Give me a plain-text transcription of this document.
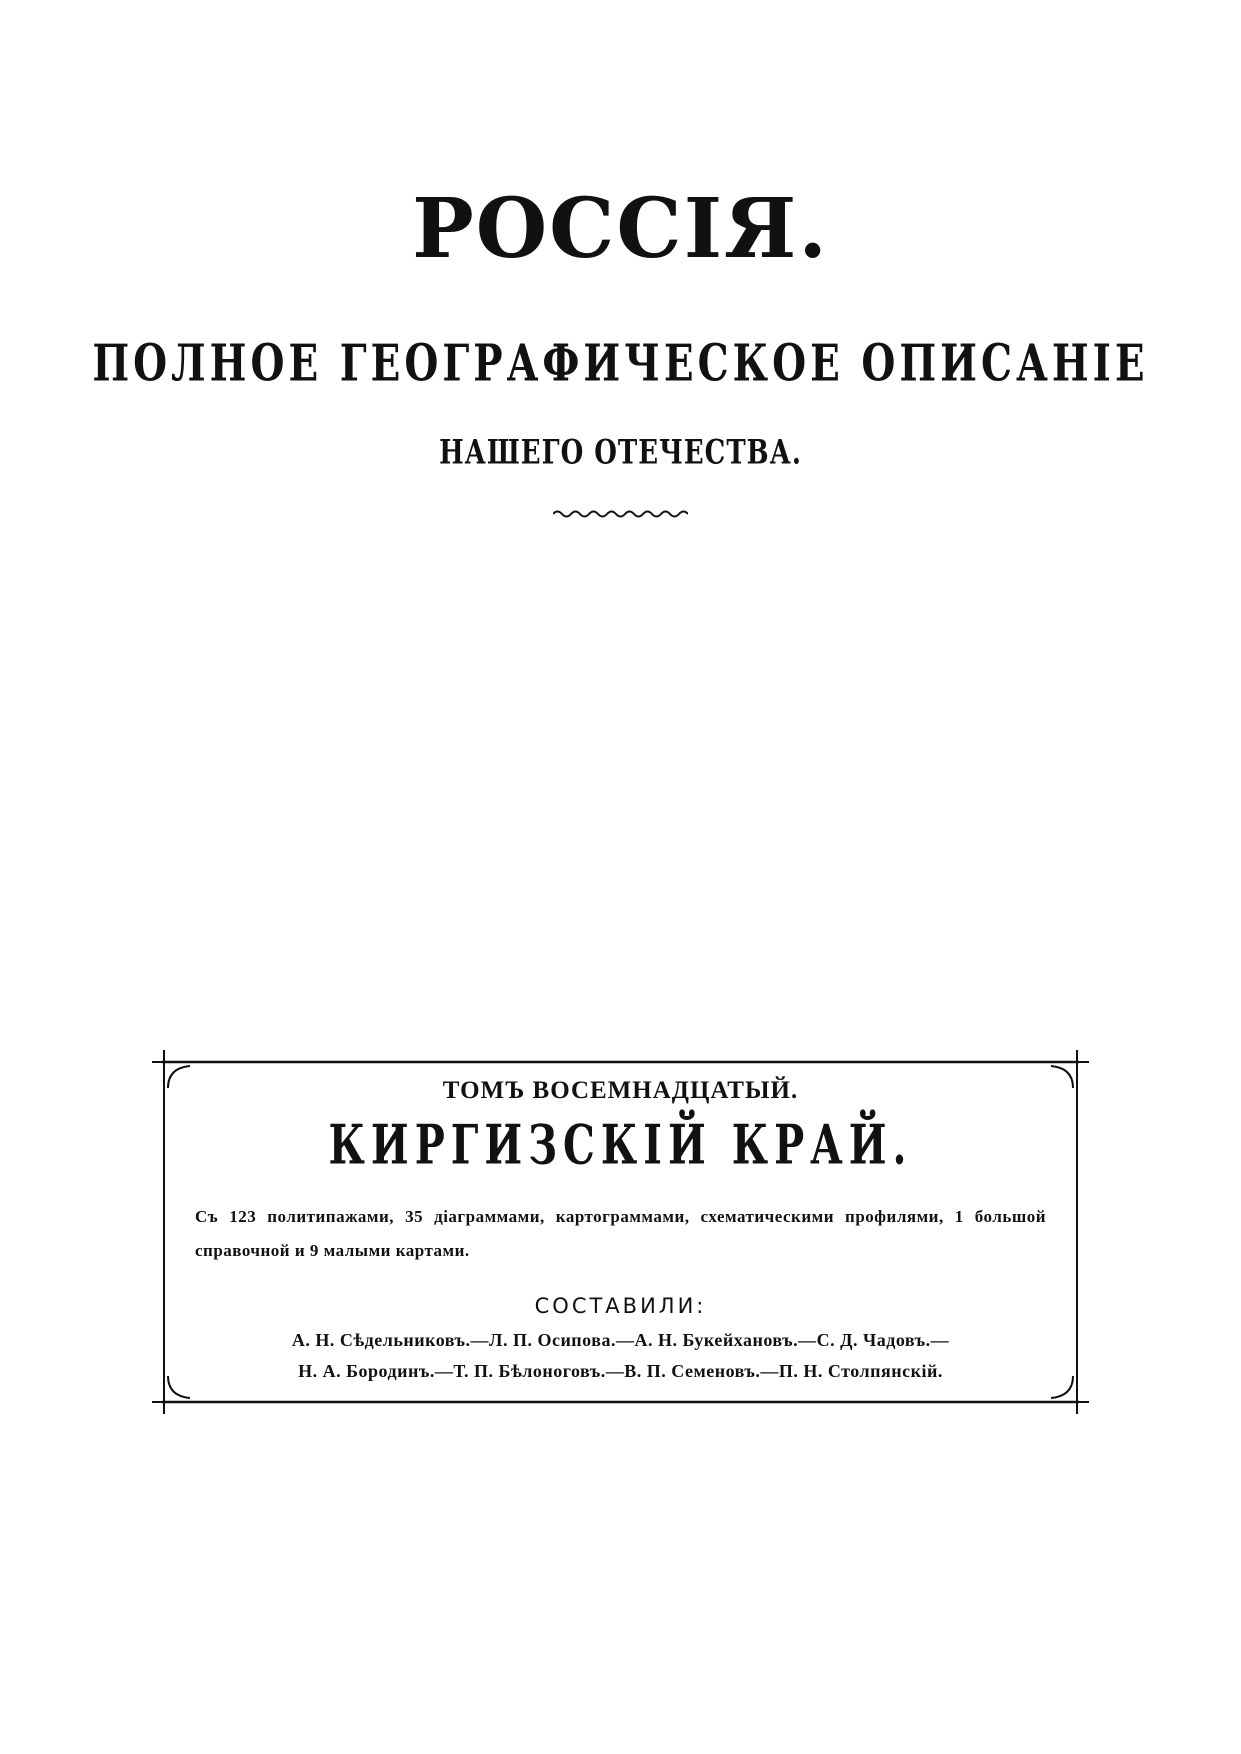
РОССІЯ.
ПОЛНОЕ ГЕОГРАФИЧЕСКОЕ ОПИСАНІЕ
НАШЕГО ОТЕЧЕСТВА.
ТОМЪ ВОСЕМНАДЦАТЫЙ.
КИРГИЗСКІЙ КРАЙ.
Съ 123 политипажами, 35 діаграммами, картограммами, схематическими профилями, 1 большой справочной и 9 малыми картами.
СОСТАВИЛИ:
А. Н. Сѣдельниковъ.—Л. П. Осипова.—А. Н. Букейхановъ.—С. Д. Чадовъ.—
Н. А. Бородинъ.—Т. П. Бѣлоноговъ.—В. П. Семеновъ.—П. Н. Столпянскій.
